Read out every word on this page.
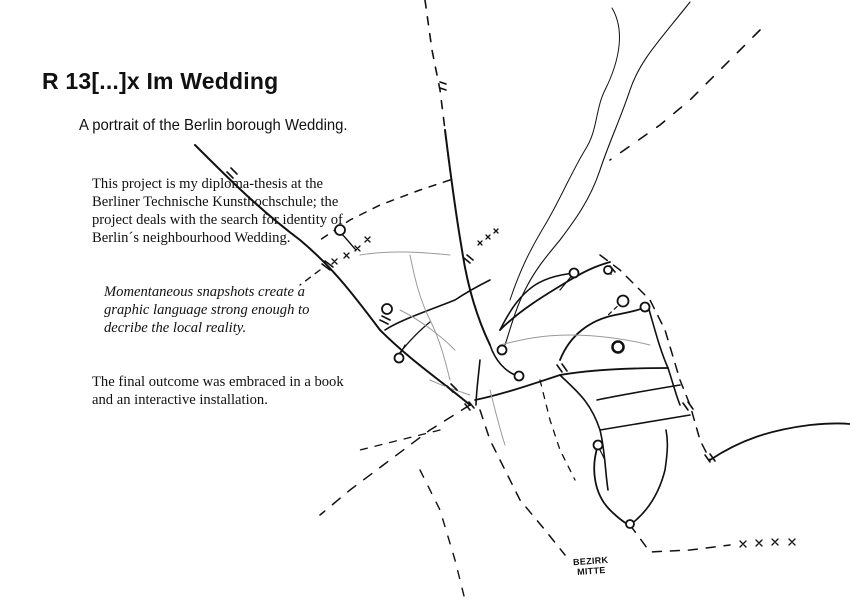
R 13[...]x Im Wedding
A portrait of the Berlin borough Wedding.
This project is my diploma-thesis at the Berliner Technische Kunsthochschule; the project deals with the search for identity of Berlin´s neighbourhood Wedding.
Momentaneous snapshots create a graphic language strong enough to decribe the local reality.
The final outcome was embraced in a book and an interactive installation.
BEZIRK
MITTE
